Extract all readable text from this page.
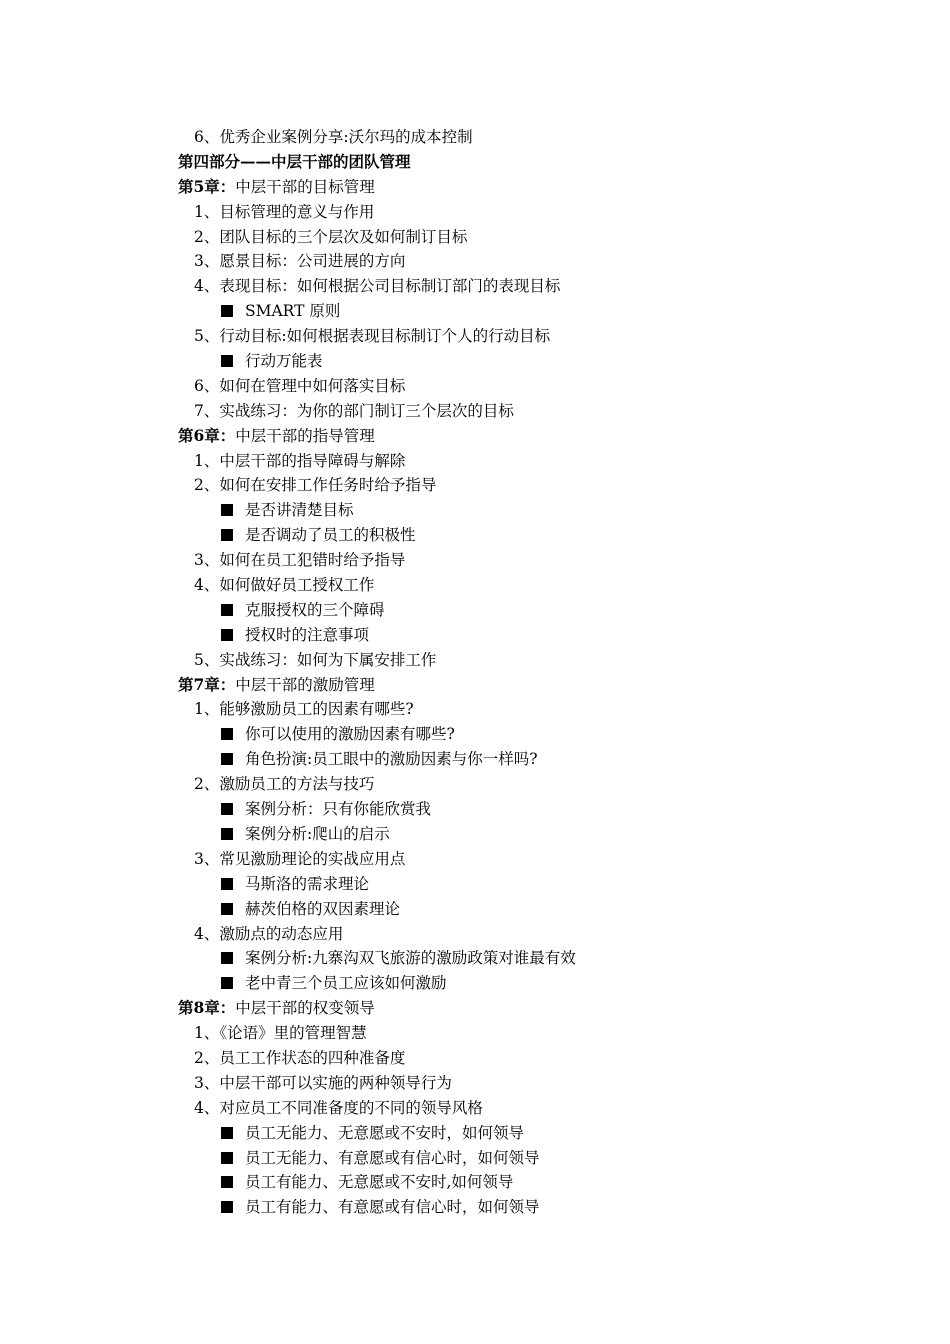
6、优秀企业案例分享:沃尔玛的成本控制
第四部分——中层干部的团队管理
第5章：中层干部的目标管理
1、目标管理的意义与作用
2、团队目标的三个层次及如何制订目标
3、愿景目标：公司进展的方向
4、表现目标：如何根据公司目标制订部门的表现目标
SMART 原则
5、行动目标:如何根据表现目标制订个人的行动目标
行动万能表
6、如何在管理中如何落实目标
7、实战练习：为你的部门制订三个层次的目标
第6章：中层干部的指导管理
1、中层干部的指导障碍与解除
2、如何在安排工作任务时给予指导
是否讲清楚目标
是否调动了员工的积极性
3、如何在员工犯错时给予指导
4、如何做好员工授权工作
克服授权的三个障碍
授权时的注意事项
5、实战练习：如何为下属安排工作
第7章：中层干部的激励管理
1、能够激励员工的因素有哪些?
你可以使用的激励因素有哪些?
角色扮演:员工眼中的激励因素与你一样吗?
2、激励员工的方法与技巧
案例分析：只有你能欣赏我
案例分析:爬山的启示
3、常见激励理论的实战应用点
马斯洛的需求理论
赫茨伯格的双因素理论
4、激励点的动态应用
案例分析:九寨沟双飞旅游的激励政策对谁最有效
老中青三个员工应该如何激励
第8章：中层干部的权变领导
1、《论语》里的管理智慧
2、员工工作状态的四种准备度
3、中层干部可以实施的两种领导行为
4、对应员工不同准备度的不同的领导风格
员工无能力、无意愿或不安时，如何领导
员工无能力、有意愿或有信心时，如何领导
员工有能力、无意愿或不安时,如何领导
员工有能力、有意愿或有信心时，如何领导
